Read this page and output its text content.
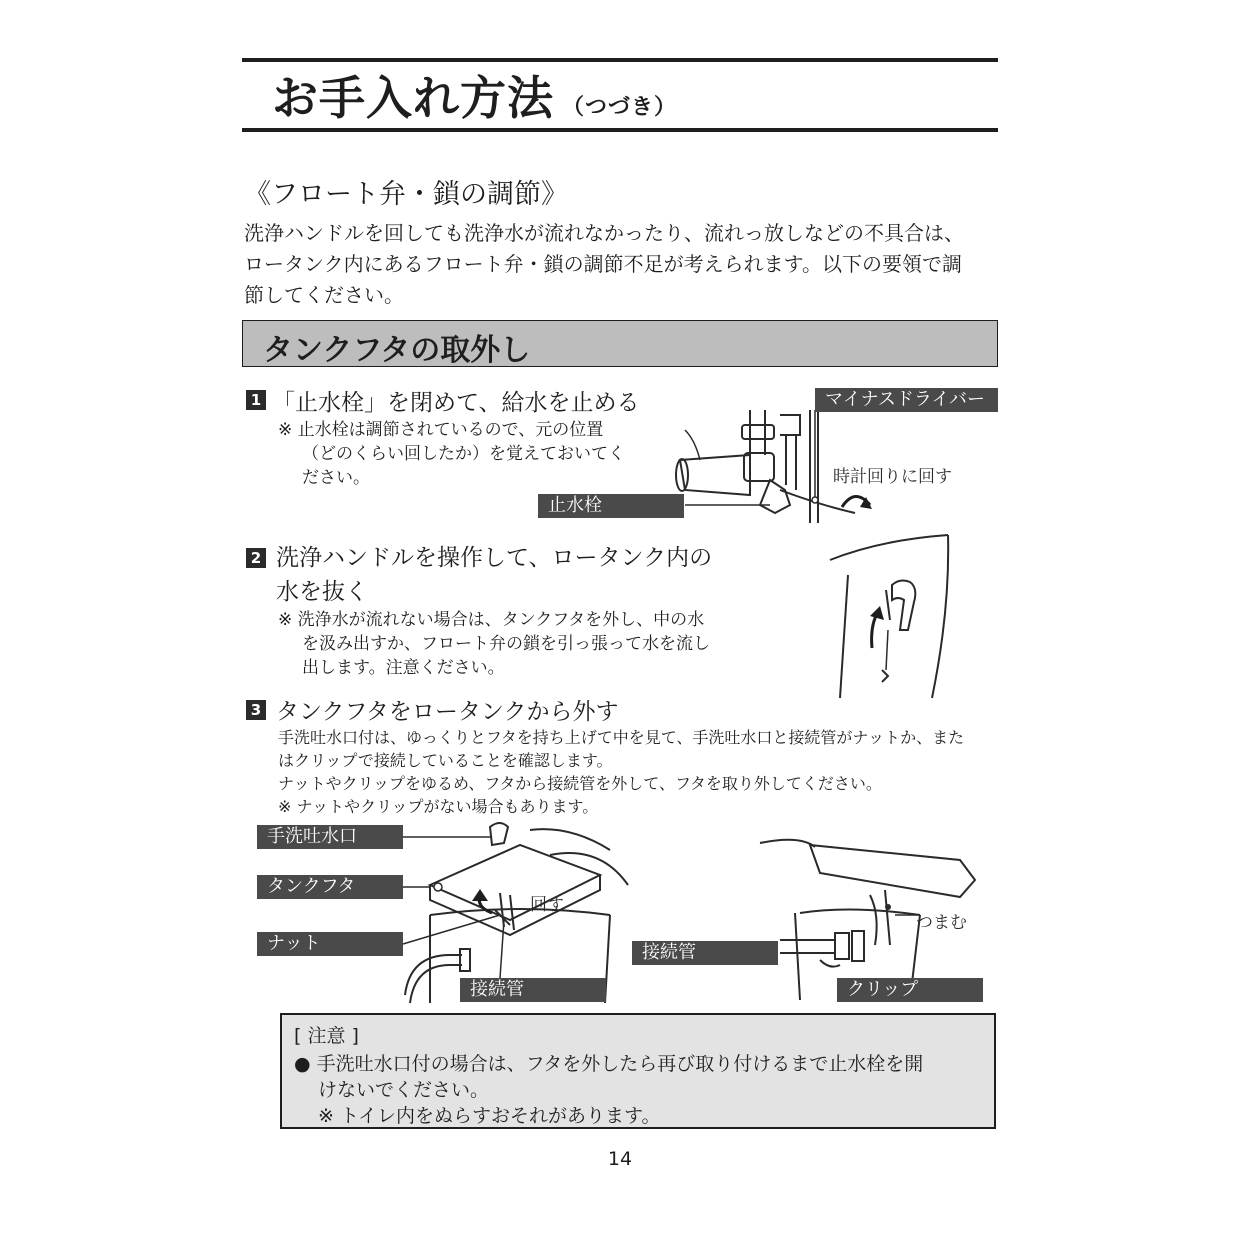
お手入れ方法 （つづき）
《フロート弁・鎖の調節》
洗浄ハンドルを回しても洗浄水が流れなかったり、流れっ放しなどの不具合は、
ロータンク内にあるフロート弁・鎖の調節不足が考えられます。以下の要領で調
節してください。
タンクフタの取外し
1 「止水栓」を閉めて、給水を止める
※ 止水栓は調節されているので、元の位置
（どのくらい回したか）を覚えておいてく
ださい。
マイナスドライバー
止水栓
時計回りに回す
2 洗浄ハンドルを操作して、ロータンク内の
水を抜く
※ 洗浄水が流れない場合は、タンクフタを外し、中の水
を汲み出すか、フロート弁の鎖を引っ張って水を流し
出します。注意ください。
3 タンクフタをロータンクから外す
手洗吐水口付は、ゆっくりとフタを持ち上げて中を見て、手洗吐水口と接続管がナットか、また
はクリップで接続していることを確認します。
ナットやクリップをゆるめ、フタから接続管を外して、フタを取り外してください。
※ ナットやクリップがない場合もあります。
手洗吐水口
タンクフタ
ナット
接続管
回す
接続管
クリップ
つまむ
[ 注意 ]
● 手洗吐水口付の場合は、フタを外したら再び取り付けるまで止水栓を開
けないでください。
※ トイレ内をぬらすおそれがあります。
14
